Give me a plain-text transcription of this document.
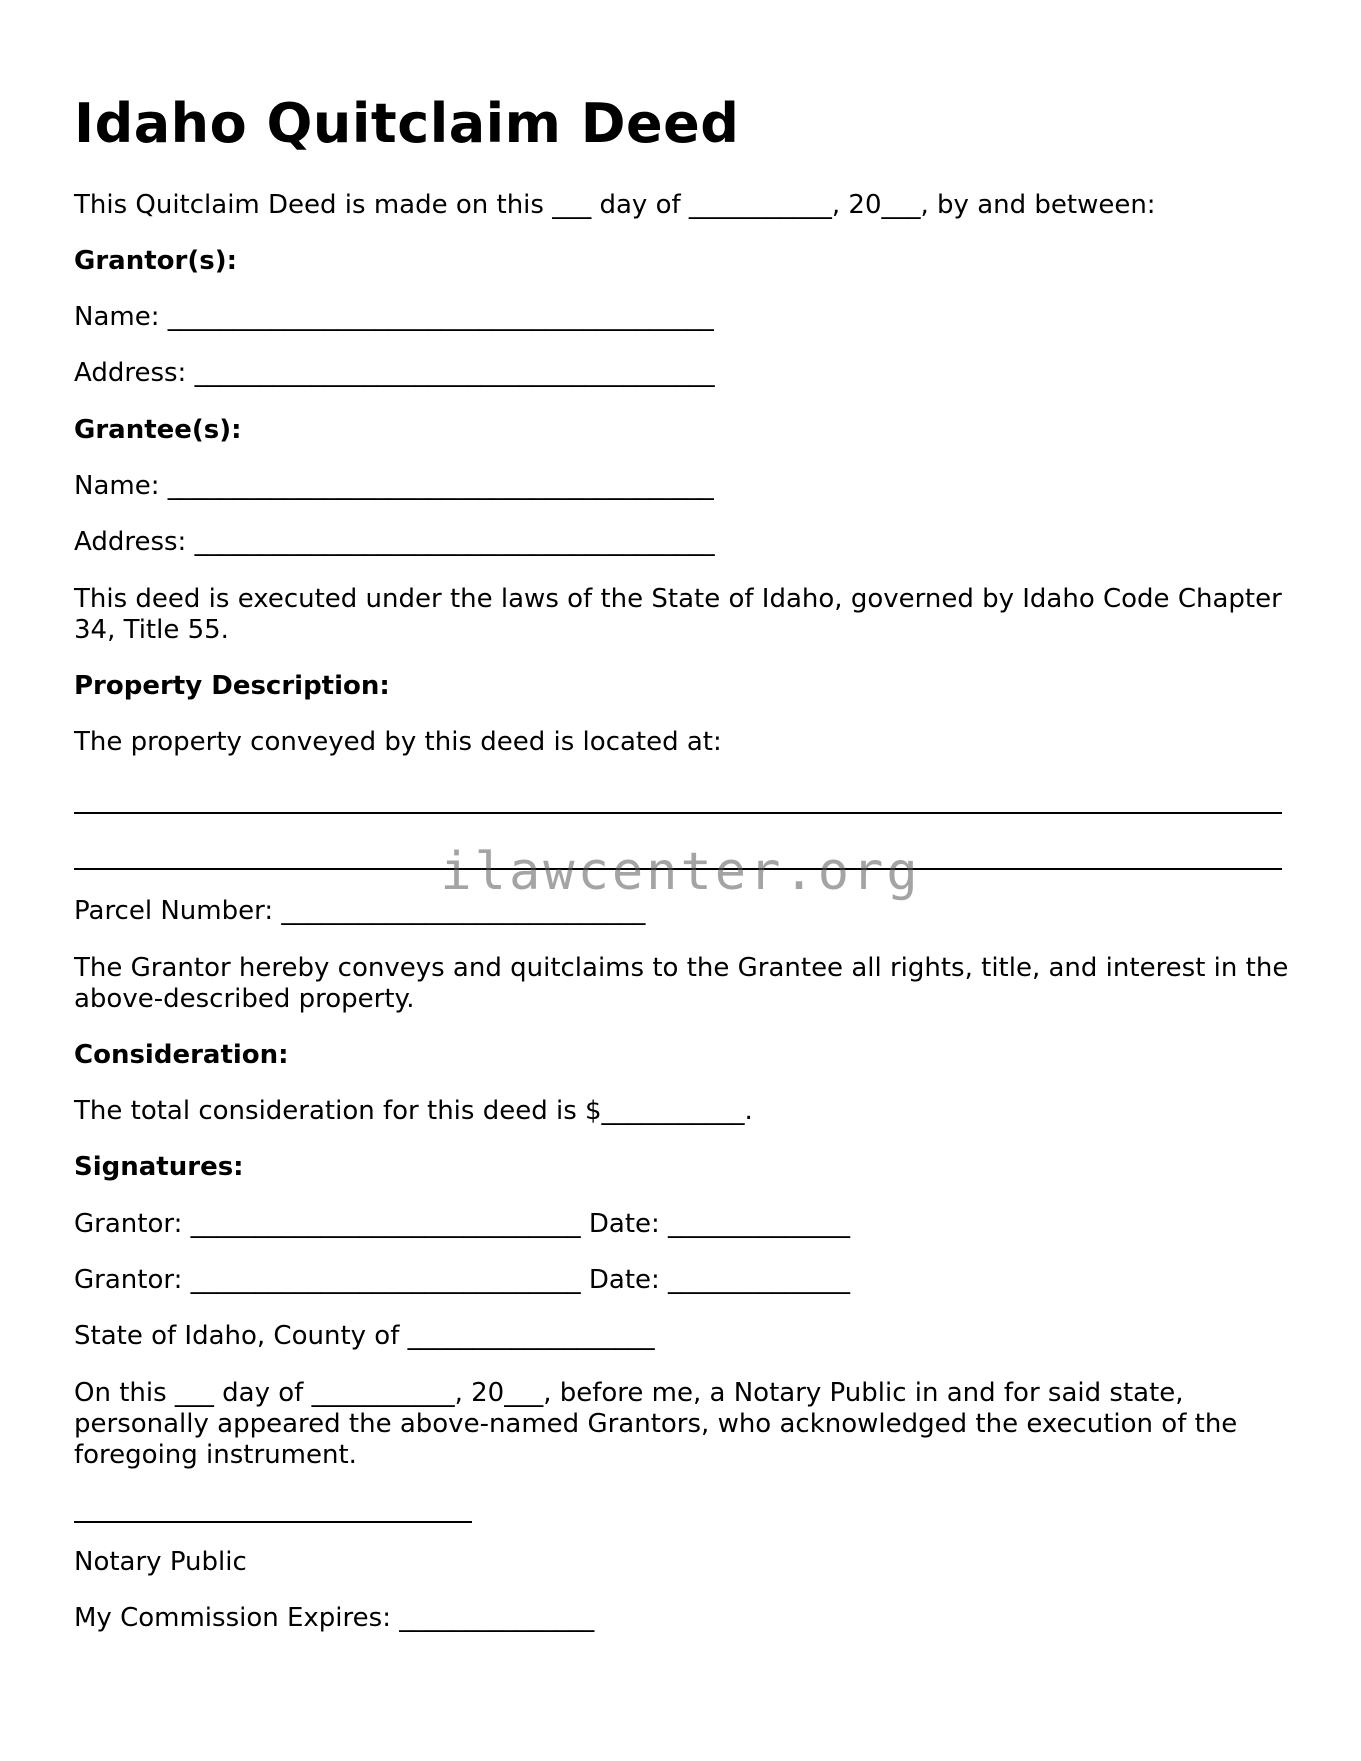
Idaho Quitclaim Deed

This Quitclaim Deed is made on this ___ day of ___________, 20___, by and between:

Grantor(s):

Name: __________________________________________

Address: ________________________________________

Grantee(s):

Name: __________________________________________

Address: ________________________________________

This deed is executed under the laws of the State of Idaho, governed by Idaho Code Chapter 34, Title 55.

Property Description:

The property conveyed by this deed is located at:

ilawcenter.org

Parcel Number: ____________________________

The Grantor hereby conveys and quitclaims to the Grantee all rights, title, and interest in the above-described property.

Consideration:

The total consideration for this deed is $___________.

Signatures:

Grantor: ______________________________ Date: ______________

Grantor: ______________________________ Date: ______________

State of Idaho, County of ___________________

On this ___ day of ___________, 20___, before me, a Notary Public in and for said state, personally appeared the above-named Grantors, who acknowledged the execution of the foregoing instrument.

Notary Public

My Commission Expires: _______________
